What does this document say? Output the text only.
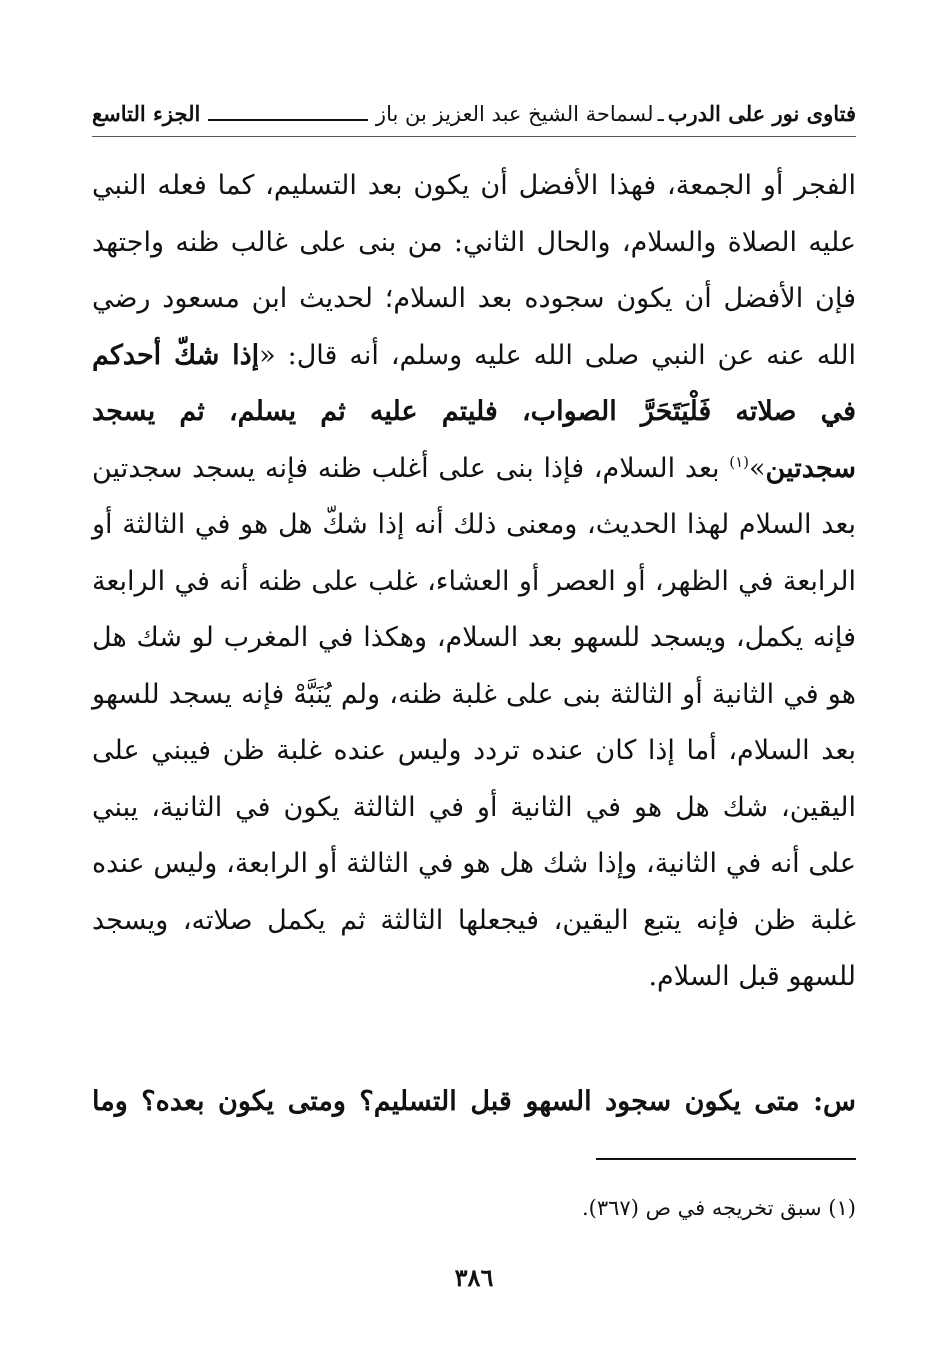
فتاوى نور على الدرب
ـ
لسماحة الشيخ عبد العزيز بن باز
الجزء التاسع

الفجر أو الجمعة، فهذا الأفضل أن يكون بعد التسليم، كما فعله النبي عليه الصلاة والسلام، والحال الثاني: من بنى على غالب ظنه واجتهد فإن الأفضل أن يكون سجوده بعد السلام؛ لحديث ابن مسعود رضي الله عنه عن النبي صلى الله عليه وسلم، أنه قال: «إذا شكّ أحدكم في صلاته فَلْيَتَحَرَّ الصواب، فليتم عليه ثم يسلم، ثم يسجد سجدتين»$^{(١)}$ بعد السلام، فإذا بنى على أغلب ظنه فإنه يسجد سجدتين بعد السلام لهذا الحديث، ومعنى ذلك أنه إذا شكّ هل هو في الثالثة أو الرابعة في الظهر، أو العصر أو العشاء، غلب على ظنه أنه في الرابعة فإنه يكمل، ويسجد للسهو بعد السلام، وهكذا في المغرب لو شك هل هو في الثانية أو الثالثة بنى على غلبة ظنه، ولم يُنَبَّهْ فإنه يسجد للسهو بعد السلام، أما إذا كان عنده تردد وليس عنده غلبة ظن فيبني على اليقين، شك هل هو في الثانية أو في الثالثة يكون في الثانية، يبني على أنه في الثانية، وإذا شك هل هو في الثالثة أو الرابعة، وليس عنده غلبة ظن فإنه يتبع اليقين، فيجعلها الثالثة ثم يكمل صلاته، ويسجد للسهو قبل السلام.

س: متى يكون سجود السهو قبل التسليم؟ ومتى يكون بعده؟ وما
(١) سبق تخريجه في ص (٣٦٧).
٣٨٦
